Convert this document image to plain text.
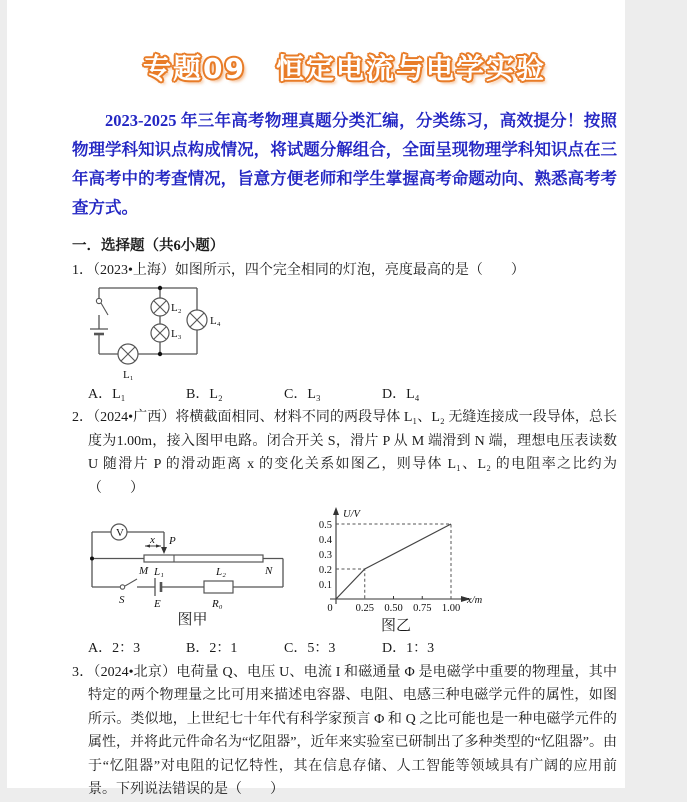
专题09　恒定电流与电学实验

2023-2025 年三年高考物理真题分类汇编，分类练习，高效提分！按照物理学科知识点构成情况，将试题分解组合，全面呈现物理学科知识点在三年高考中的考查情况，旨意方便老师和学生掌握高考命题动向、熟悉高考考查方式。

一．选择题（共6小题）

1．（2023•上海）如图所示，四个完全相同的灯泡，亮度最高的是（　　）

L₂
L₃
L₄
L₁
A．L₁	B．L₂	C．L₃	D．L₄

2．（2024•广西）将横截面相同、材料不同的两段导体 L₁、L₂ 无缝连接成一段导体，总长度为1.00m，接入图甲电路。闭合开关 S，滑片 P 从 M 端滑到 N 端，理想电压表读数 U 随滑片 P 的滑动距离 x 的变化关系如图乙，则导体 L₁、L₂ 的电阻率之比约为（　　）

V
x P
M L₁	L₂	N
S	E	R₀
图甲
U/V
x/m
0.5
0.4
0.3
0.2
0.1
0.25 0.50 0.75 1.00
0
图乙
A．2：3	B．2：1	C．5：3	D．1：3

3．（2024•北京）电荷量 Q、电压 U、电流 I 和磁通量 Φ 是电磁学中重要的物理量，其中特定的两个物理量之比可用来描述电容器、电阻、电感三种电磁学元件的属性，如图所示。类似地，上世纪七十年代有科学家预言 Φ 和 Q 之比可能也是一种电磁学元件的属性，并将此元件命名为“忆阻器”，近年来实验室已研制出了多种类型的“忆阻器”。由于“忆阻器”对电阻的记忆特性，其在信息存储、人工智能等领域具有广阔的应用前景。下列说法错误的是（　　）
